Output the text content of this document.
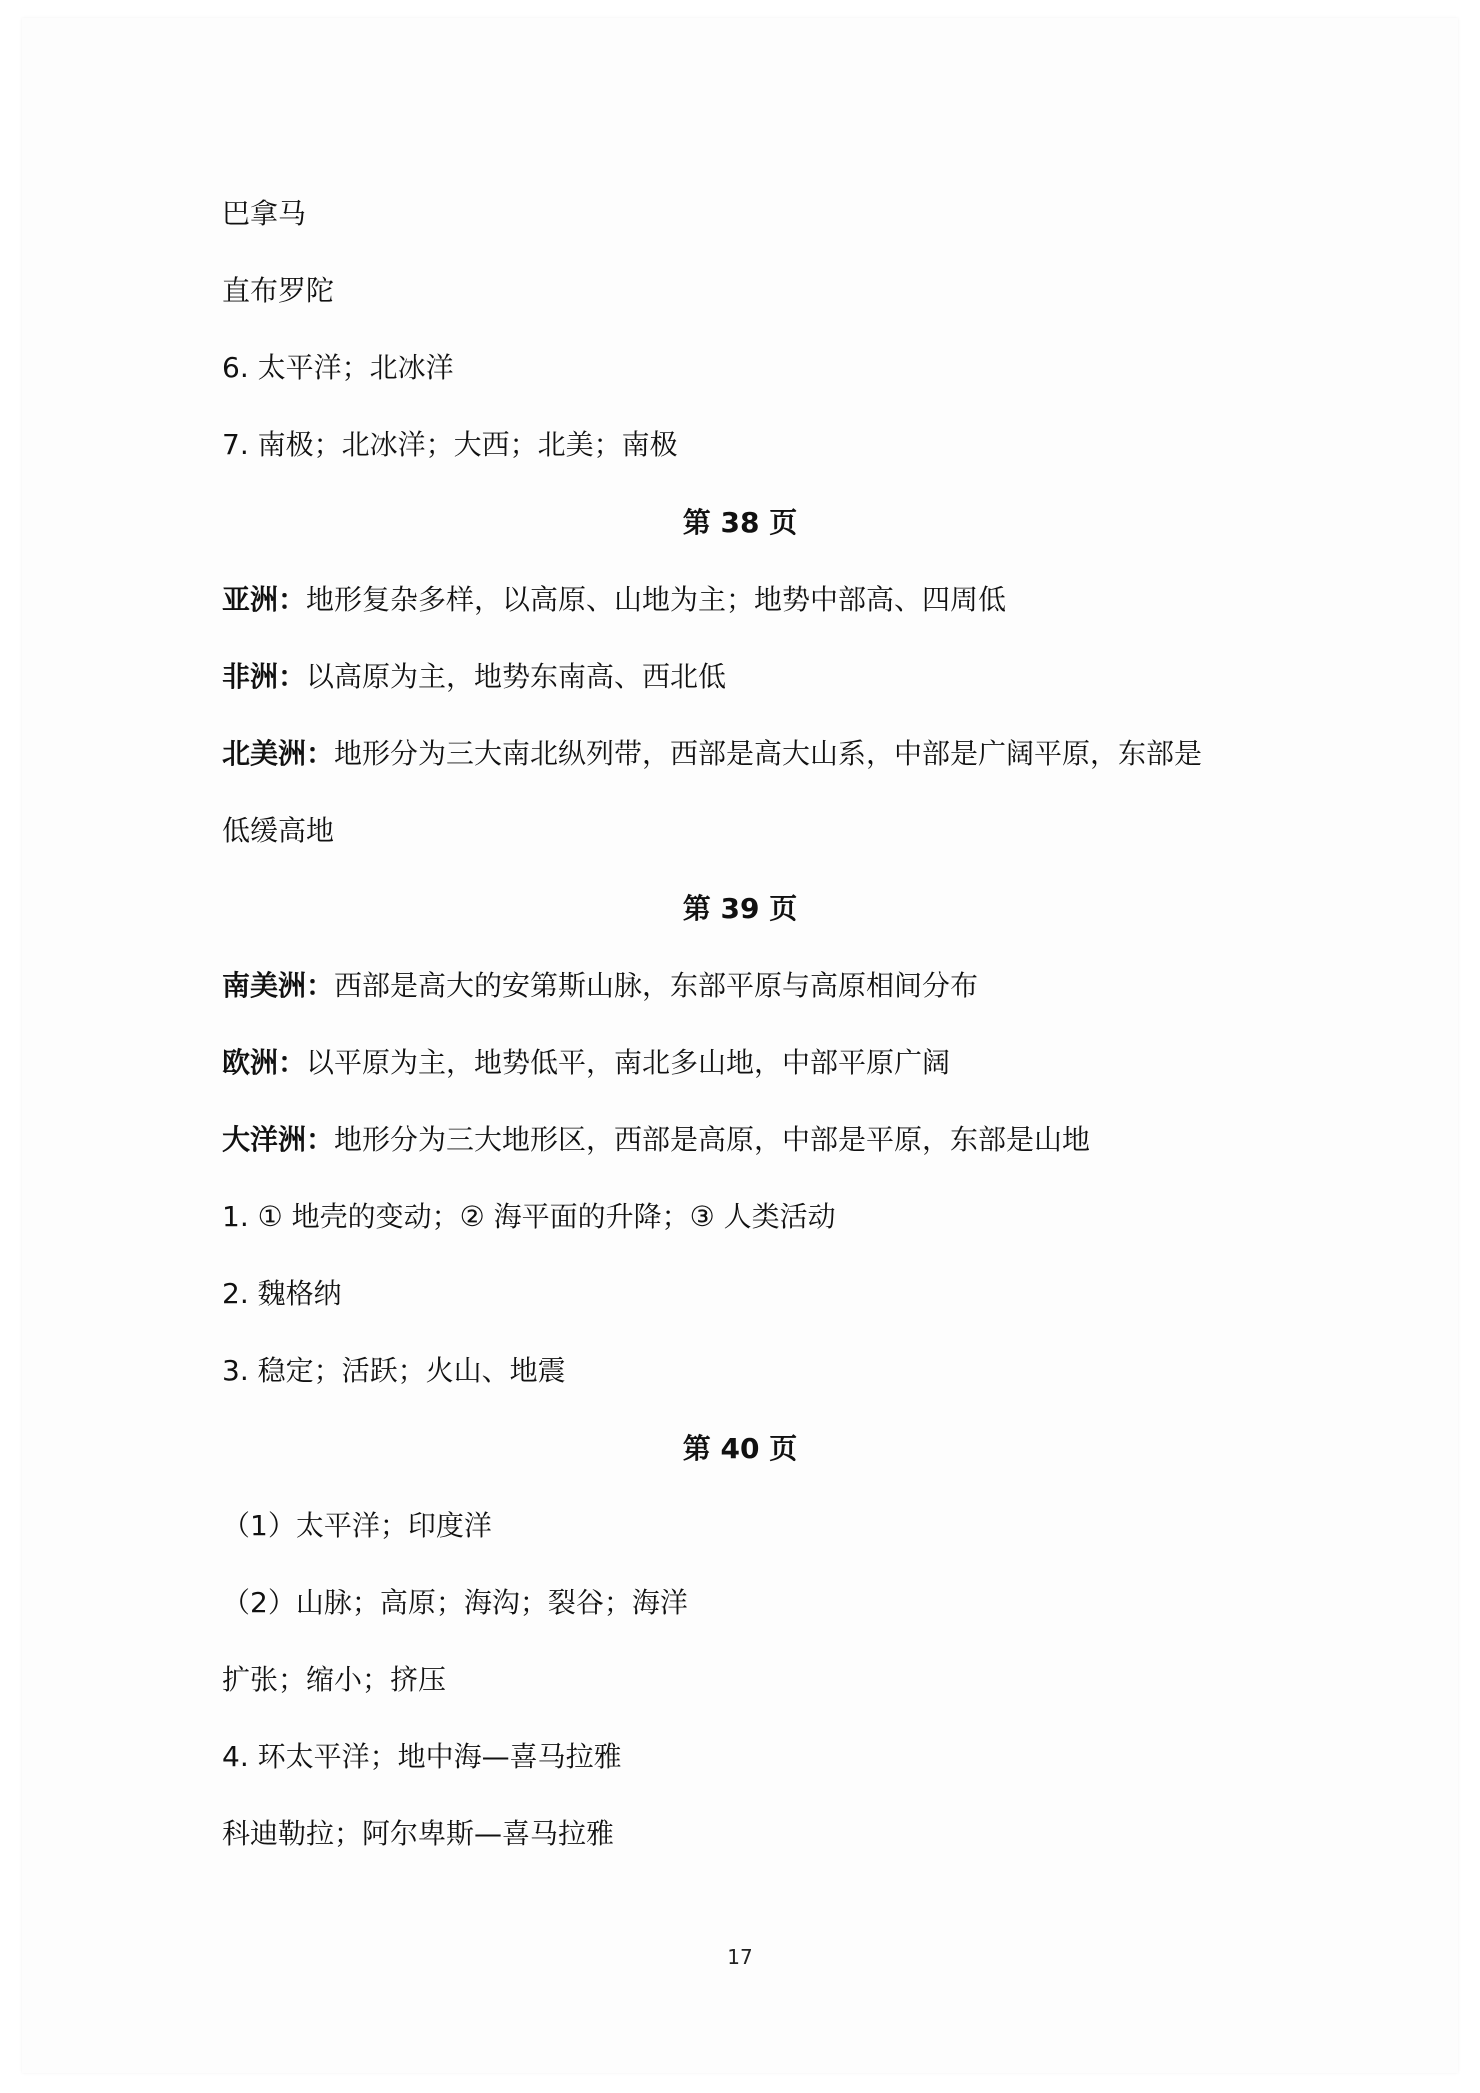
巴拿马
直布罗陀
6. 太平洋；北冰洋
7. 南极；北冰洋；大西；北美；南极
第 38 页
亚洲：地形复杂多样，以高原、山地为主；地势中部高、四周低
非洲：以高原为主，地势东南高、西北低
北美洲：地形分为三大南北纵列带，西部是高大山系，中部是广阔平原，东部是
低缓高地
第 39 页
南美洲：西部是高大的安第斯山脉，东部平原与高原相间分布
欧洲：以平原为主，地势低平，南北多山地，中部平原广阔
大洋洲：地形分为三大地形区，西部是高原，中部是平原，东部是山地
1. ① 地壳的变动；② 海平面的升降；③ 人类活动
2. 魏格纳
3. 稳定；活跃；火山、地震
第 40 页
（1）太平洋；印度洋
（2）山脉；高原；海沟；裂谷；海洋
扩张；缩小；挤压
4. 环太平洋；地中海—喜马拉雅
科迪勒拉；阿尔卑斯—喜马拉雅
17
